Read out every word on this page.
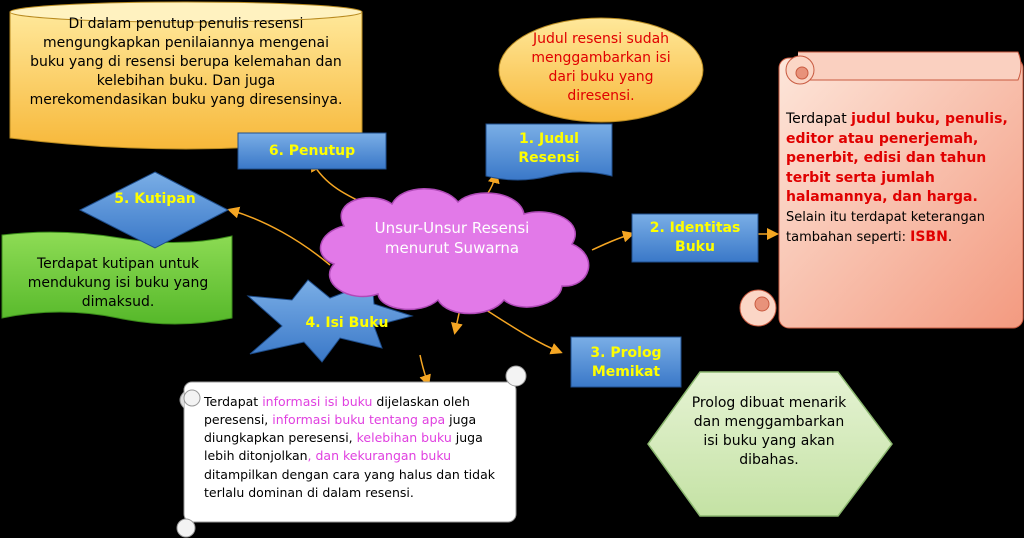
Di dalam penutup penulis resensi mengungkapkan penilaiannya mengenai buku yang di resensi berupa kelemahan dan kelebihan buku. Dan juga merekomendasikan buku yang diresensinya.
Judul resensi sudah menggambarkan isi dari buku yang diresensi.
Terdapat judul buku, penulis, editor atau penerjemah, penerbit, edisi dan tahun terbit serta jumlah halamannya, dan harga. Selain itu terdapat keterangan tambahan seperti: ISBN.
Terdapat kutipan untuk mendukung isi buku yang dimaksud.
Terdapat informasi isi buku dijelaskan oleh peresensi, informasi buku tentang apa juga diungkapkan peresensi, kelebihan buku juga lebih ditonjolkan, dan kekurangan buku ditampilkan dengan cara yang halus dan tidak terlalu dominan di dalam resensi.
Prolog dibuat menarik dan menggambarkan isi buku yang akan dibahas.
Unsur-Unsur Resensi menurut Suwarna
6. Penutup
1. Judul Resensi
2. Identitas Buku
3. Prolog Memikat
5. Kutipan
4. Isi Buku
